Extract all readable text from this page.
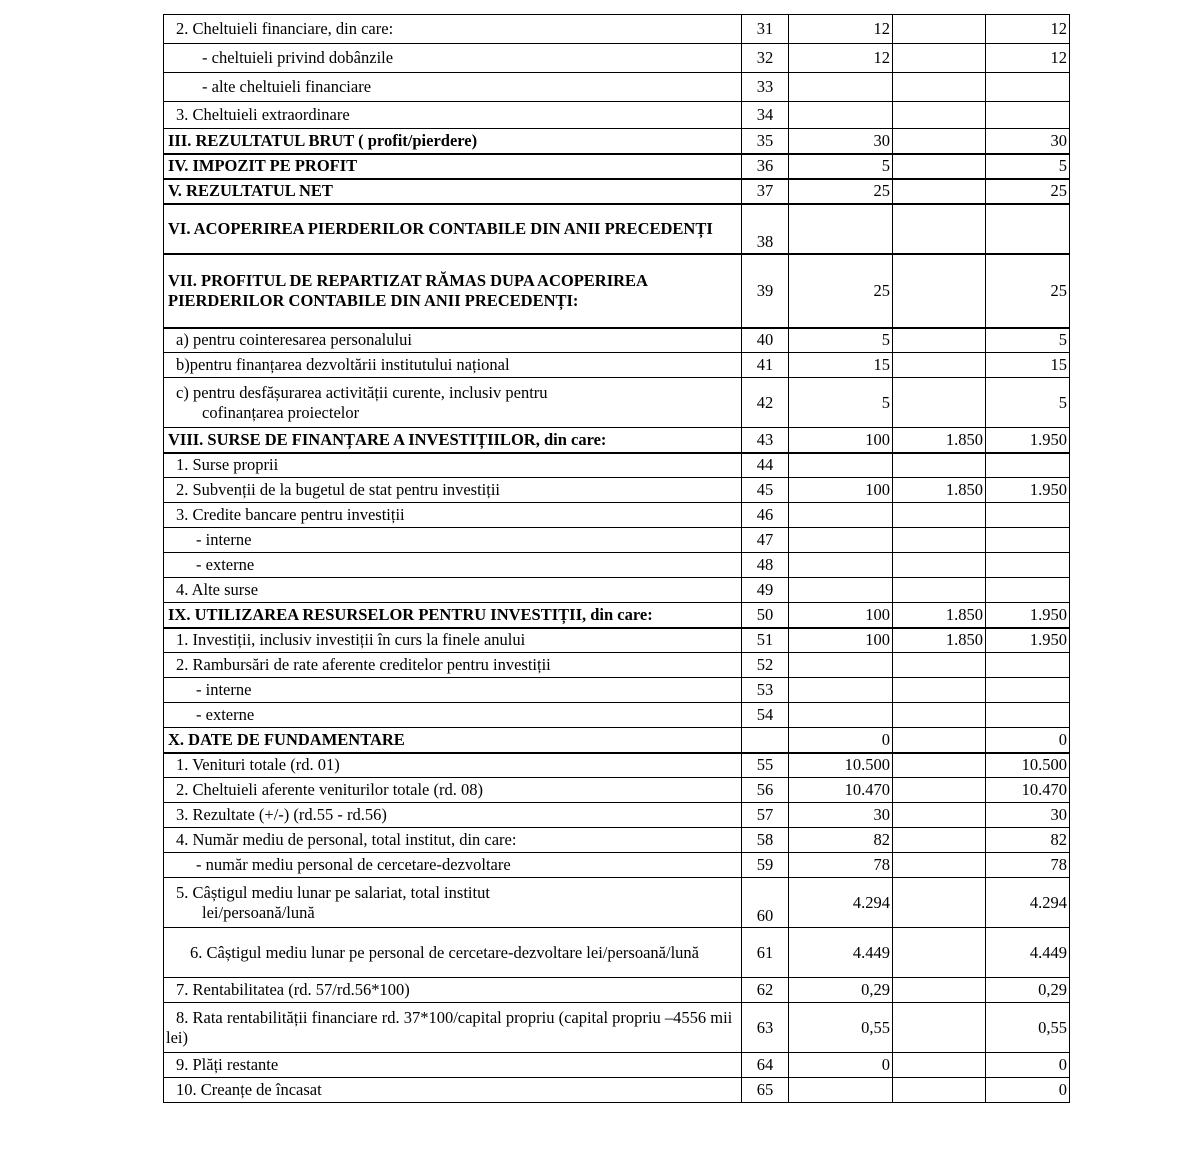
2. Cheltuieli financiare, din care:	31	12		12
- cheltuieli privind dobânzile	32	12		12
- alte cheltuieli financiare	33			
3. Cheltuieli extraordinare	34			
III. REZULTATUL BRUT ( profit/pierdere)	35	30		30
IV. IMPOZIT PE PROFIT	36	5		5
V. REZULTATUL NET	37	25		25
VI. ACOPERIREA PIERDERILOR CONTABILE DIN ANII PRECEDENȚI	38			
VII. PROFITUL DE REPARTIZAT RĂMAS DUPA ACOPERIREA PIERDERILOR CONTABILE DIN ANII PRECEDENȚI:	39	25		25
a) pentru cointeresarea personalului	40	5		5
b)pentru finanțarea dezvoltării institutului național	41	15		15
c) pentru desfășurarea activității curente, inclusiv pentru
cofinanțarea proiectelor	42	5		5
VIII. SURSE DE FINANȚARE A INVESTIȚIILOR, din care:	43	100	1.850	1.950
1. Surse proprii	44			
2. Subvenții de la bugetul de stat pentru investiții	45	100	1.850	1.950
3. Credite bancare pentru investiții	46			
- interne	47			
- externe	48			
4. Alte surse	49			
IX. UTILIZAREA RESURSELOR PENTRU INVESTIȚII, din care:	50	100	1.850	1.950
1. Investiții, inclusiv investiții în curs la finele anului	51	100	1.850	1.950
2. Rambursări de rate aferente creditelor pentru investiții	52			
- interne	53			
- externe	54			
X. DATE DE FUNDAMENTARE		0		0
1. Venituri totale (rd. 01)	55	10.500		10.500
2. Cheltuieli aferente veniturilor totale (rd. 08)	56	10.470		10.470
3. Rezultate (+/-) (rd.55 - rd.56)	57	30		30
4. Număr mediu de personal, total institut, din care:	58	82		82
- număr mediu personal de cercetare-dezvoltare	59	78		78
5. Câștigul mediu lunar pe salariat, total institut
lei/persoană/lună	60	4.294		4.294
6. Câștigul mediu lunar pe personal de cercetare-dezvoltare lei/persoană/lună	61	4.449		4.449
7. Rentabilitatea (rd. 57/rd.56*100)	62	0,29		0,29
8. Rata rentabilității financiare rd. 37*100/capital propriu (capital propriu –4556 mii lei)	63	0,55		0,55
9. Plăți restante	64	0		0
10. Creanțe de încasat	65			0
